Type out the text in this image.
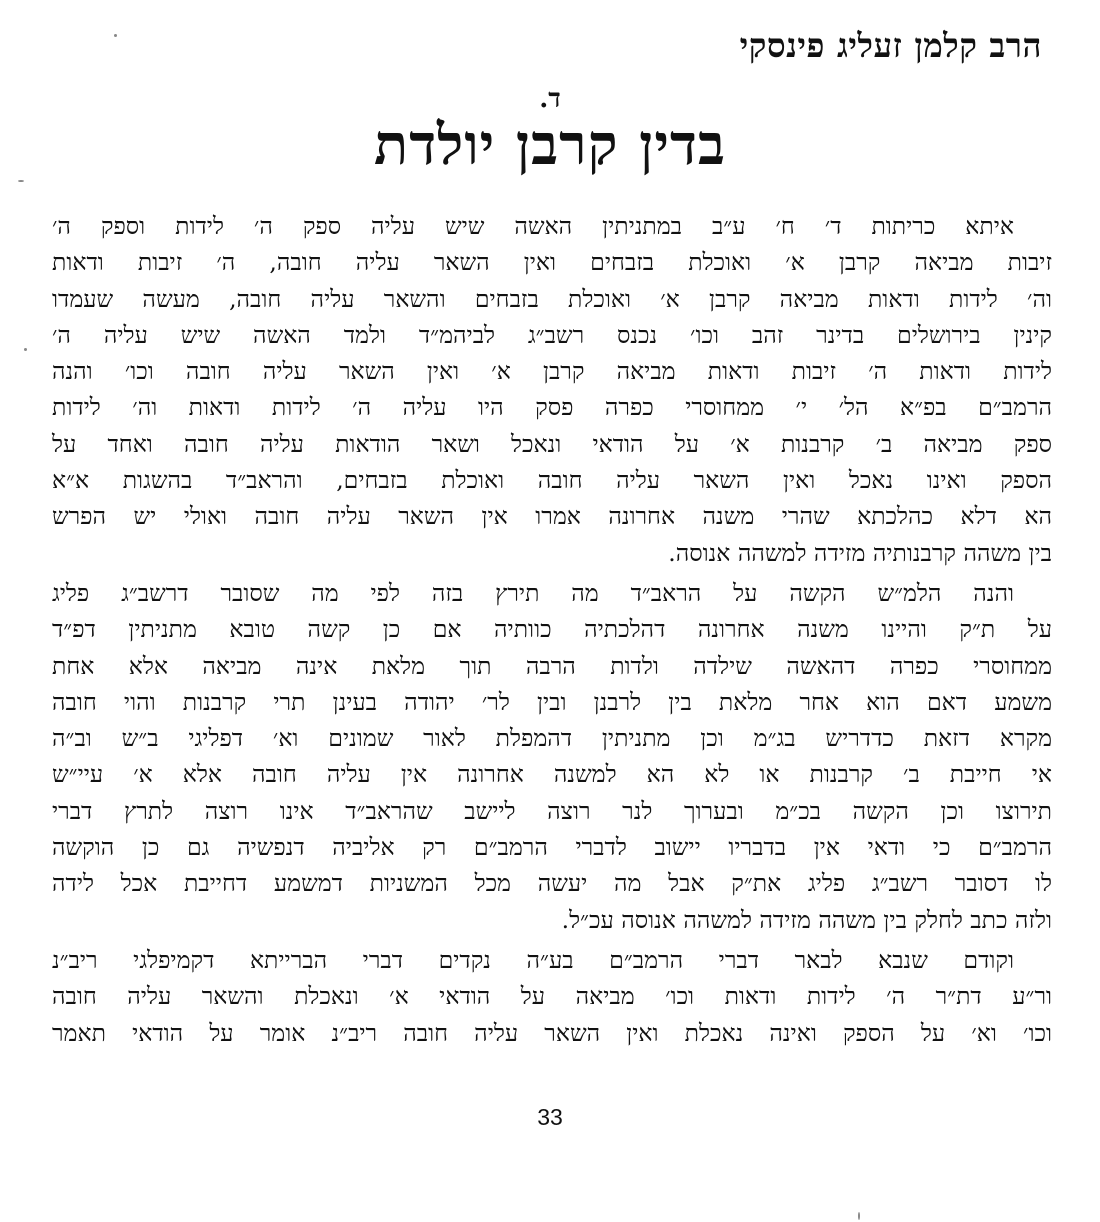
הרב קלמן זעליג פינסקי
ד.
בדין קרבן יולדת

איתא כריתות ד׳ ח׳ ע״ב במתניתין האשה שיש עליה ספק ה׳ לידות וספק ה׳
זיבות מביאה קרבן א׳ ואוכלת בזבחים ואין השאר עליה חובה, ה׳ זיבות ודאות
וה׳ לידות ודאות מביאה קרבן א׳ ואוכלת בזבחים והשאר עליה חובה, מעשה שעמדו
קינין בירושלים בדינר זהב וכו׳ נכנס רשב״ג לביהמ״ד ולמד האשה שיש עליה ה׳
לידות ודאות ה׳ זיבות ודאות מביאה קרבן א׳ ואין השאר עליה חובה וכו׳ והנה
הרמב״ם בפ״א הל׳ י׳ ממחוסרי כפרה פסק היו עליה ה׳ לידות ודאות וה׳ לידות
ספק מביאה ב׳ קרבנות א׳ על הודאי ונאכל ושאר הודאות עליה חובה ואחד על
הספק ואינו נאכל ואין השאר עליה חובה ואוכלת בזבחים, והראב״ד בהשגות א״א
הא דלא כהלכתא שהרי משנה אחרונה אמרו אין השאר עליה חובה ואולי יש הפרש
בין משהה קרבנותיה מזידה למשהה אנוסה.

והנה הלמ״ש הקשה על הראב״ד מה תירץ בזה לפי מה שסובר דרשב״ג פליג
על ת״ק והיינו משנה אחרונה דהלכתיה כוותיה אם כן קשה טובא מתניתין דפ״ד
ממחוסרי כפרה דהאשה שילדה ולדות הרבה תוך מלאת אינה מביאה אלא אחת
משמע דאם הוא אחר מלאת בין לרבנן ובין לר׳ יהודה בעינן תרי קרבנות והוי חובה
מקרא דזאת כדדריש בג״מ וכן מתניתין דהמפלת לאור שמונים וא׳ דפליגי ב״ש וב״ה
אי חייבת ב׳ קרבנות או לא הא למשנה אחרונה אין עליה חובה אלא א׳ עיי״ש
תירוצו וכן הקשה בכ״מ ובערוך לנר רוצה ליישב שהראב״ד אינו רוצה לתרץ דברי
הרמב״ם כי ודאי אין בדבריו יישוב לדברי הרמב״ם רק אליביה דנפשיה גם כן הוקשה
לו דסובר רשב״ג פליג את״ק אבל מה יעשה מכל המשניות דמשמע דחייבת אכל לידה
ולזה כתב לחלק בין משהה מזידה למשהה אנוסה עכ״ל.

וקודם שנבא לבאר דברי הרמב״ם בע״ה נקדים דברי הברייתא דקמיפלגי ריב״נ
ור״ע דת״ר ה׳ לידות ודאות וכו׳ מביאה על הודאי א׳ ונאכלת והשאר עליה חובה
וכו׳ וא׳ על הספק ואינה נאכלת ואין השאר עליה חובה ריב״נ אומר על הודאי תאמר

33
